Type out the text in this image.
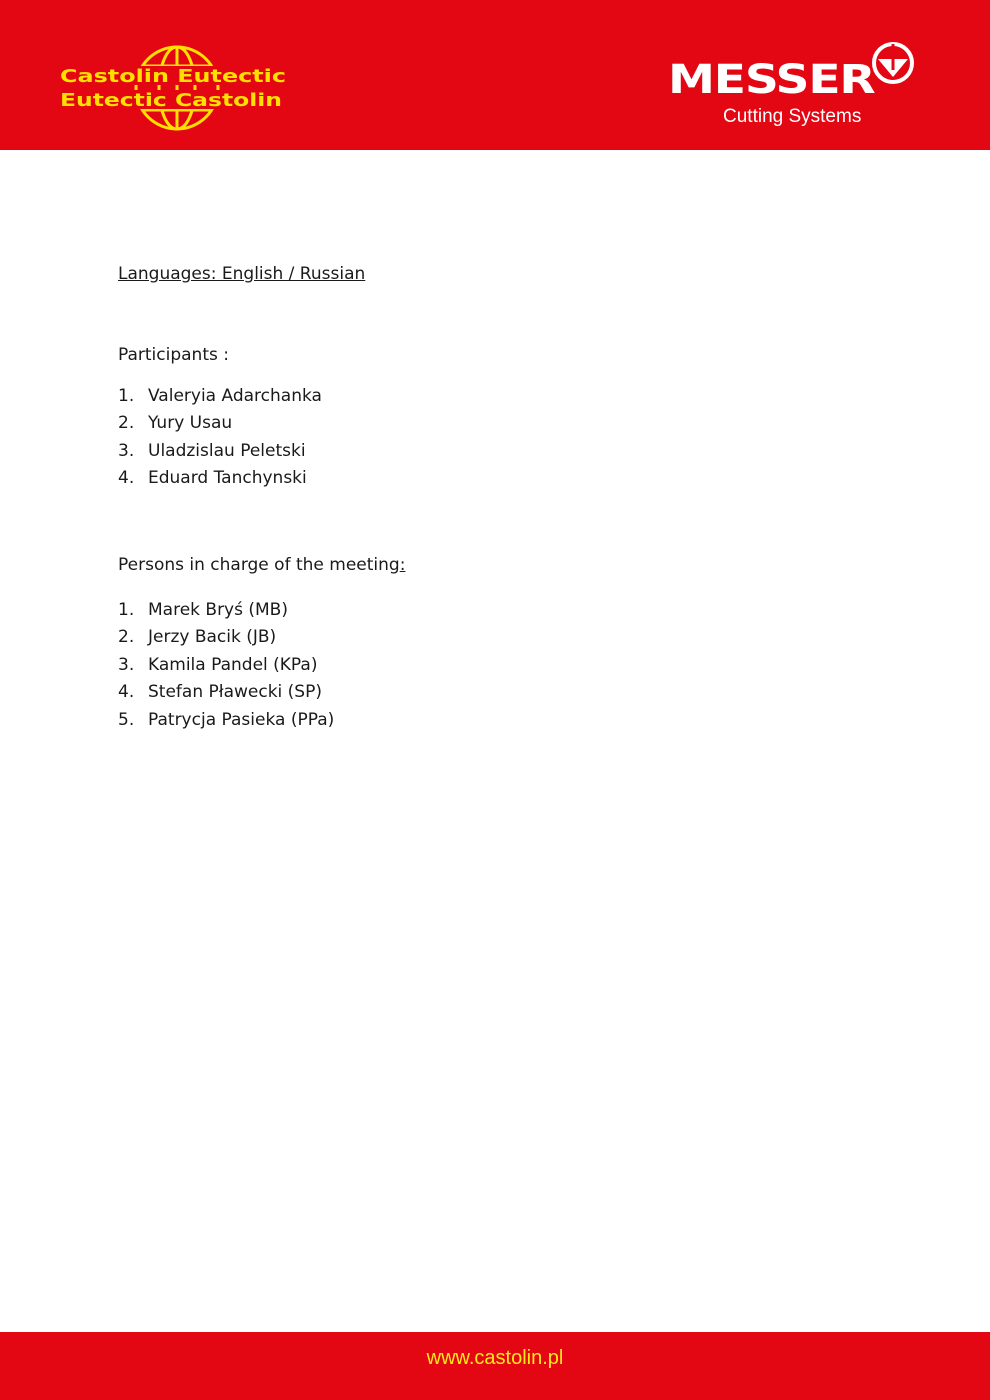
Castolin Eutectic
Eutectic Castolin	MESSER
Cutting Systems
Languages: English / Russian
Participants :
1. Valeryia Adarchanka
2. Yury Usau
3. Uladzislau Peletski
4. Eduard Tanchynski
Persons in charge of the meeting:
1. Marek Bryś (MB)
2. Jerzy Bacik (JB)
3. Kamila Pandel (KPa)
4. Stefan Pławecki (SP)
5. Patrycja Pasieka (PPa)
www.castolin.pl
